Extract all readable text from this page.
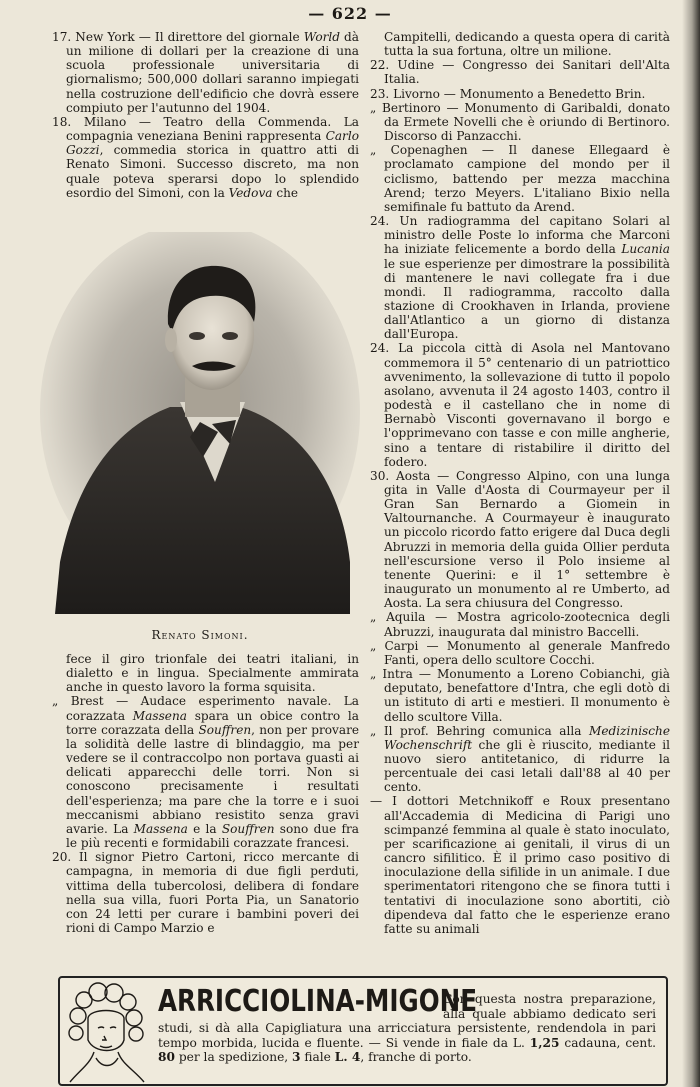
— 622 —

17. New York — Il direttore del giornale World dà un milione di dollari per la creazione di una scuola professionale universitaria di giornalismo; 500,000 dollari saranno impiegati nella costruzione dell'edificio che dovrà essere compiuto per l'autunno del 1904.

18. Milano — Teatro della Commenda. La compagnia veneziana Benini rappresenta Carlo Gozzi, commedia storica in quattro atti di Renato Simoni. Successo discreto, ma non quale poteva sperarsi dopo lo splendido esordio del Simoni, con la Vedova che

Renato Simoni.

fece il giro trionfale dei teatri italiani, in dialetto e in lingua. Specialmente ammirata anche in questo lavoro la forma squisita.

„ Brest — Audace esperimento navale. La corazzata Massena spara un obice contro la torre corazzata della Souffren, non per provare la solidità delle lastre di blindaggio, ma per vedere se il contraccolpo non portava guasti ai delicati apparecchi delle torri. Non si conoscono precisamente i resultati dell'esperienza; ma pare che la torre e i suoi meccanismi abbiano resistito senza gravi avarie. La Massena e la Souffren sono due fra le più recenti e formidabili corazzate francesi.

20. Il signor Pietro Cartoni, ricco mercante di campagna, in memoria di due figli perduti, vittima della tubercolosi, delibera di fondare nella sua villa, fuori Porta Pia, un Sanatorio con 24 letti per curare i bambini poveri dei rioni di Campo Marzio e

Campitelli, dedicando a questa opera di carità tutta la sua fortuna, oltre un milione.

22. Udine — Congresso dei Sanitari dell'Alta Italia.

23. Livorno — Monumento a Benedetto Brin.

„ Bertinoro — Monumento di Garibaldi, donato da Ermete Novelli che è oriundo di Bertinoro. Discorso di Panzacchi.

„ Copenaghen — Il danese Ellegaard è proclamato campione del mondo per il ciclismo, battendo per mezza macchina Arend; terzo Meyers. L'italiano Bixio nella semifinale fu battuto da Arend.

24. Un radiogramma del capitano Solari al ministro delle Poste lo informa che Marconi ha iniziate felicemente a bordo della Lucania le sue esperienze per dimostrare la possibilità di mantenere le navi collegate fra i due mondi. Il radiogramma, raccolto dalla stazione di Crookhaven in Irlanda, proviene dall'Atlantico a un giorno di distanza dall'Europa.

24. La piccola città di Asola nel Mantovano commemora il 5° centenario di un patriottico avvenimento, la sollevazione di tutto il popolo asolano, avvenuta il 24 agosto 1403, contro il podestà e il castellano che in nome di Bernabò Visconti governavano il borgo e l'opprimevano con tasse e con mille angherie, sino a tentare di ristabilire il diritto del fodero.

30. Aosta — Congresso Alpino, con una lunga gita in Valle d'Aosta di Courmayeur per il Gran San Bernardo a Giomein in Valtournanche. A Courmayeur è inaugurato un piccolo ricordo fatto erigere dal Duca degli Abruzzi in memoria della guida Ollier perduta nell'escursione verso il Polo insieme al tenente Querini: e il 1° settembre è inaugurato un monumento al re Umberto, ad Aosta. La sera chiusura del Congresso.

„ Aquila — Mostra agricolo-zootecnica degli Abruzzi, inaugurata dal ministro Baccelli.

„ Carpi — Monumento al generale Manfredo Fanti, opera dello scultore Cocchi.

„ Intra — Monumento a Loreno Cobianchi, già deputato, benefattore d'Intra, che egli dotò di un istituto di arti e mestieri. Il monumento è dello scultore Villa.

„ Il prof. Behring comunica alla Medizinische Wochenschrift che gli è riuscito, mediante il nuovo siero antitetanico, di ridurre la percentuale dei casi letali dall'88 al 40 per cento.

— I dottori Metchnikoff e Roux presentano all'Accademia di Medicina di Parigi uno scimpanzé femmina al quale è stato inoculato, per scarificazione ai genitali, il virus di un cancro sifilitico. È il primo caso positivo di inoculazione della sifilide in un animale. I due sperimentatori ritengono che se finora tutti i tentativi di inoculazione sono abortiti, ciò dipendeva dal fatto che le esperienze erano fatte su animali

ARRICCIOLINA-MIGONE
Con questa nostra preparazione, alla quale abbiamo dedicato seri studi, si dà alla Capigliatura una arricciatura persistente, rendendola in pari tempo morbida, lucida e fluente. — Si vende in fiale da L. 1,25 cadauna, cent. 80 per la spedizione, 3 fiale L. 4, franche di porto.
